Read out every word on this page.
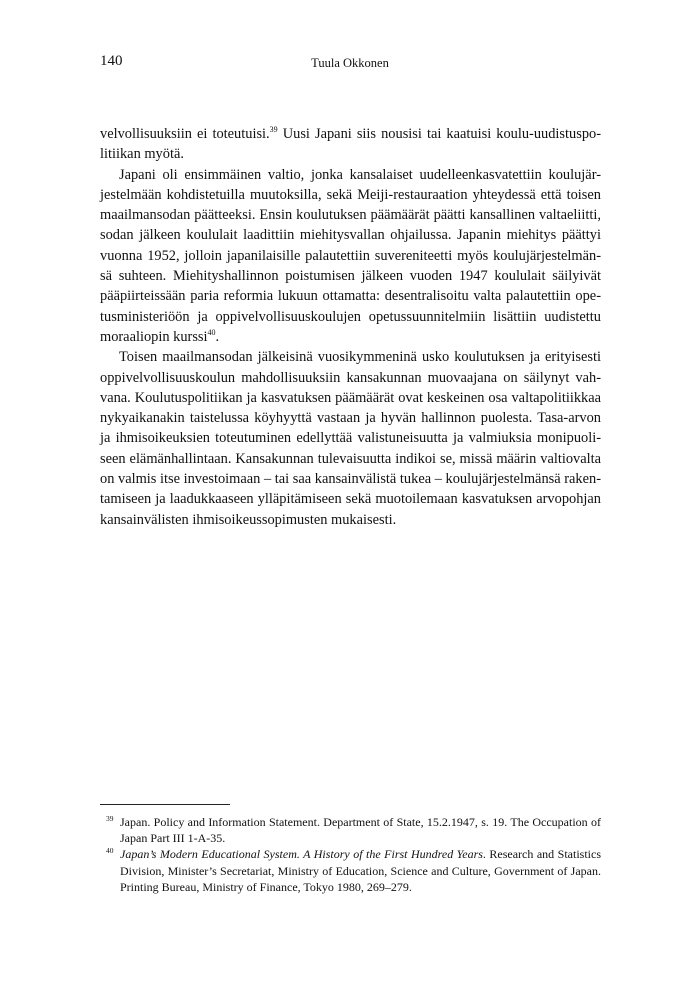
140	Tuula Okkonen

velvollisuuksiin ei toteutuisi.$^{39}$ Uusi Japani siis nousisi tai kaatuisi koulu-uudistuspo-litiikan myötä.

Japani oli ensimmäinen valtio, jonka kansalaiset uudelleenkasvatettiin koulujär-jestelmään kohdistetuilla muutoksilla, sekä Meiji-restauraation yhteydessä että toisen maailmansodan päätteeksi. Ensin koulutuksen päämäärät päätti kansallinen valtaeliitti, sodan jälkeen koululait laadittiin miehitysvallan ohjailussa. Japanin miehitys päättyi vuonna 1952, jolloin japanilaisille palautettiin suvereniteetti myös koulujärjestelmän-sä suhteen. Miehityshallinnon poistumisen jälkeen vuoden 1947 koululait säilyivät pääpiirteissään paria reformia lukuun ottamatta: desentralisoitu valta palautettiin ope-tusministeriöön ja oppivelvollisuuskoulujen opetussuunnitelmiin lisättiin uudistettu moraaliopin kurssi$^{40}$.

Toisen maailmansodan jälkeisinä vuosikymmeninä usko koulutuksen ja erityisesti oppivelvollisuuskoulun mahdollisuuksiin kansakunnan muovaajana on säilynyt vah-vana. Koulutuspolitiikan ja kasvatuksen päämäärät ovat keskeinen osa valtapolitiikkaa nykyaikanakin taistelussa köyhyyttä vastaan ja hyvän hallinnon puolesta. Tasa-arvon ja ihmisoikeuksien toteutuminen edellyttää valistuneisuutta ja valmiuksia monipuoli-seen elämänhallintaan. Kansakunnan tulevaisuutta indikoi se, missä määrin valtiovalta on valmis itse investoimaan – tai saa kansainvälistä tukea – koulujärjestelmänsä raken-tamiseen ja laadukkaaseen ylläpitämiseen sekä muotoilemaan kasvatuksen arvopohjan kansainvälisten ihmisoikeussopimusten mukaisesti.

39 Japan. Policy and Information Statement. Department of State, 15.2.1947, s. 19. The Occupation of Japan Part III 1-A-35.

40 Japan’s Modern Educational System. A History of the First Hundred Years. Research and Statistics Division, Minister’s Secretariat, Ministry of Education, Science and Culture, Government of Japan. Printing Bureau, Ministry of Finance, Tokyo 1980, 269–279.
